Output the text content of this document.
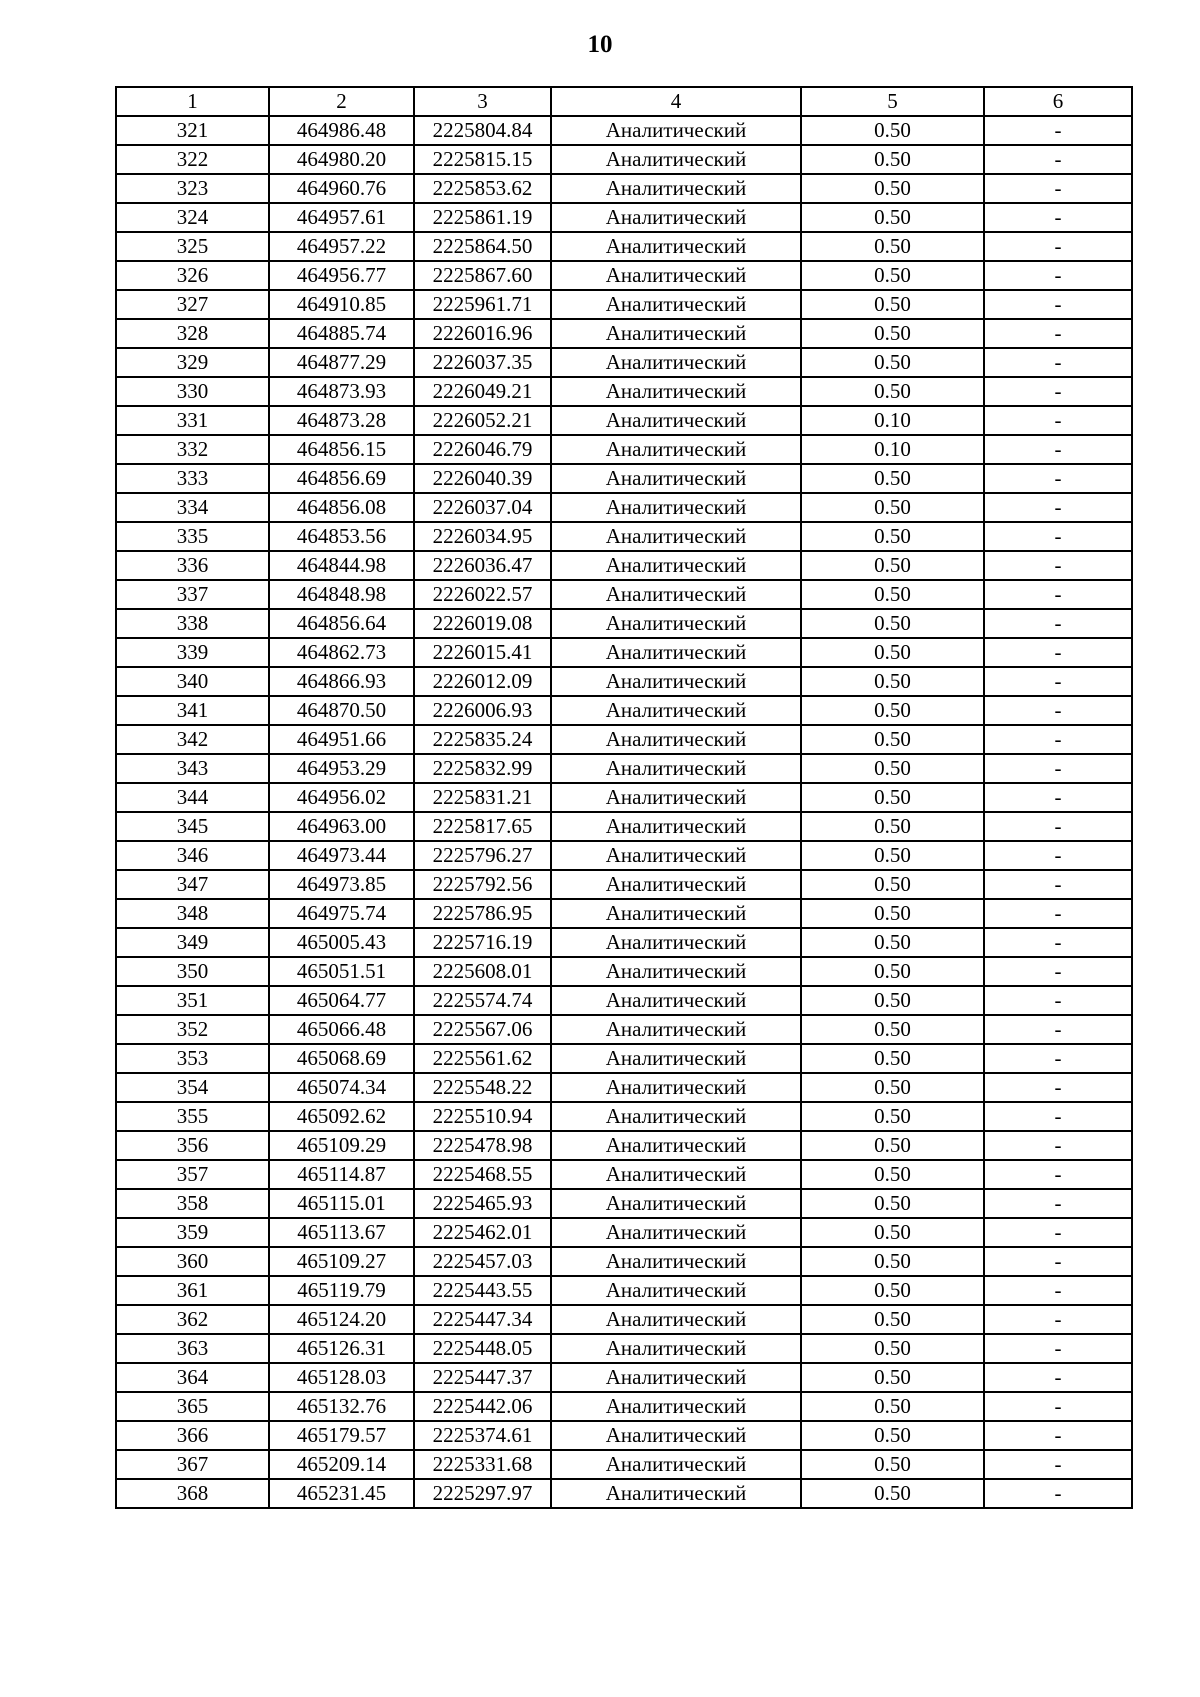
10
1	2	3	4	5	6
321	464986.48	2225804.84	Аналитический	0.50	-
322	464980.20	2225815.15	Аналитический	0.50	-
323	464960.76	2225853.62	Аналитический	0.50	-
324	464957.61	2225861.19	Аналитический	0.50	-
325	464957.22	2225864.50	Аналитический	0.50	-
326	464956.77	2225867.60	Аналитический	0.50	-
327	464910.85	2225961.71	Аналитический	0.50	-
328	464885.74	2226016.96	Аналитический	0.50	-
329	464877.29	2226037.35	Аналитический	0.50	-
330	464873.93	2226049.21	Аналитический	0.50	-
331	464873.28	2226052.21	Аналитический	0.10	-
332	464856.15	2226046.79	Аналитический	0.10	-
333	464856.69	2226040.39	Аналитический	0.50	-
334	464856.08	2226037.04	Аналитический	0.50	-
335	464853.56	2226034.95	Аналитический	0.50	-
336	464844.98	2226036.47	Аналитический	0.50	-
337	464848.98	2226022.57	Аналитический	0.50	-
338	464856.64	2226019.08	Аналитический	0.50	-
339	464862.73	2226015.41	Аналитический	0.50	-
340	464866.93	2226012.09	Аналитический	0.50	-
341	464870.50	2226006.93	Аналитический	0.50	-
342	464951.66	2225835.24	Аналитический	0.50	-
343	464953.29	2225832.99	Аналитический	0.50	-
344	464956.02	2225831.21	Аналитический	0.50	-
345	464963.00	2225817.65	Аналитический	0.50	-
346	464973.44	2225796.27	Аналитический	0.50	-
347	464973.85	2225792.56	Аналитический	0.50	-
348	464975.74	2225786.95	Аналитический	0.50	-
349	465005.43	2225716.19	Аналитический	0.50	-
350	465051.51	2225608.01	Аналитический	0.50	-
351	465064.77	2225574.74	Аналитический	0.50	-
352	465066.48	2225567.06	Аналитический	0.50	-
353	465068.69	2225561.62	Аналитический	0.50	-
354	465074.34	2225548.22	Аналитический	0.50	-
355	465092.62	2225510.94	Аналитический	0.50	-
356	465109.29	2225478.98	Аналитический	0.50	-
357	465114.87	2225468.55	Аналитический	0.50	-
358	465115.01	2225465.93	Аналитический	0.50	-
359	465113.67	2225462.01	Аналитический	0.50	-
360	465109.27	2225457.03	Аналитический	0.50	-
361	465119.79	2225443.55	Аналитический	0.50	-
362	465124.20	2225447.34	Аналитический	0.50	-
363	465126.31	2225448.05	Аналитический	0.50	-
364	465128.03	2225447.37	Аналитический	0.50	-
365	465132.76	2225442.06	Аналитический	0.50	-
366	465179.57	2225374.61	Аналитический	0.50	-
367	465209.14	2225331.68	Аналитический	0.50	-
368	465231.45	2225297.97	Аналитический	0.50	-
